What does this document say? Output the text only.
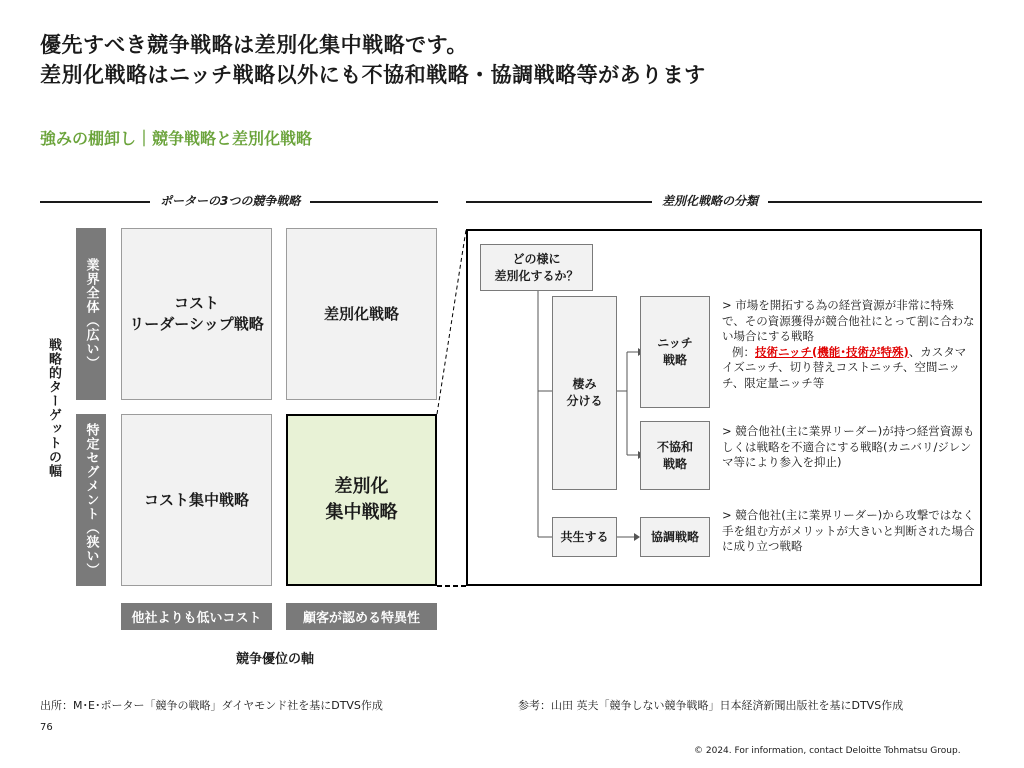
優先すべき競争戦略は差別化集中戦略です。
差別化戦略はニッチ戦略以外にも不協和戦略・協調戦略等があります
強みの棚卸し｜競争戦略と差別化戦略
ポーターの3つの競争戦略	差別化戦略の分類
戦略的ターゲットの幅
業界全体（広い）
特定セグメント（狭い）
コスト
リーダーシップ戦略
差別化戦略
コスト集中戦略
差別化
集中戦略
他社よりも低いコスト	顧客が認める特異性
競争優位の軸
どの様に
差別化するか？
棲み
分ける
共生する
ニッチ
戦略
不協和
戦略
協調戦略
> 市場を開拓する為の経営資源が非常に特殊で、その資源獲得が競合他社にとって割に合わない場合にする戦略
例：技術ニッチ(機能･技術が特殊)、カスタマイズニッチ、切り替えコストニッチ、空間ニッチ、限定量ニッチ等
> 競合他社(主に業界リーダー)が持つ経営資源もしくは戦略を不適合にする戦略(カニバリ/ジレンマ等により参入を抑止)
> 競合他社(主に業界リーダー)から攻撃ではなく手を組む方がメリットが大きいと判断された場合に成り立つ戦略
出所：M･E･ポーター「競争の戦略」ダイヤモンド社を基にDTVS作成	参考：山田 英夫「競争しない競争戦略」日本経済新聞出版社を基にDTVS作成
76
© 2024. For information, contact Deloitte Tohmatsu Group.
